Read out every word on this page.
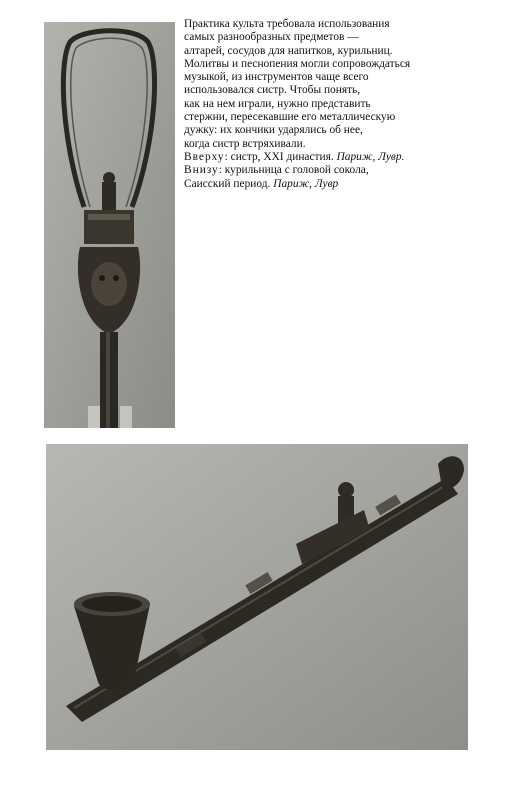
Практика культа требовала использования

самых разнообразных предметов —

алтарей, сосудов для напитков, курильниц.

Молитвы и песнопения могли сопровождаться

музыкой, из инструментов чаще всего

использовался систр. Чтобы понять,

как на нем играли, нужно представить

стержни, пересекавшие его металлическую

дужку: их кончики ударялись об нее,

когда систр встряхивали.

Вверху: систр, XXI династия. Париж, Лувр.

Внизу: курильница с головой сокола,

Саисский период. Париж, Лувр
